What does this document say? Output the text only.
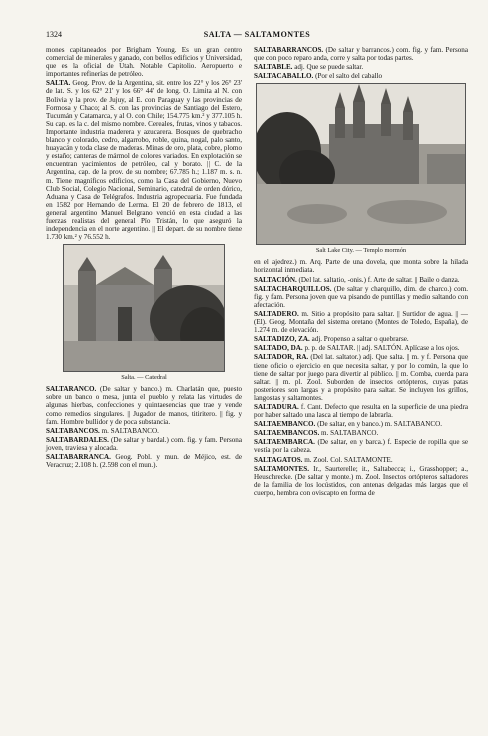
1324	SALTA — SALTAMONTES

mones capitaneados por Brigham Young. Es un gran centro comercial de minerales y ganado, con bellos edificios y Universidad, que es la oficial de Utah. Notable Capitolio. Aeropuerto e importantes refinerías de petróleo.

SALTA. Geog. Prov. de la Argentina, sit. entre los 22° y los 26° 23' de lat. S. y los 62° 21' y los 66° 44' de long. O. Limita al N. con Bolivia y la prov. de Jujuy, al E. con Paraguay y las provincias de Formosa y Chaco; al S. con las provincias de Santiago del Estero, Tucumán y Catamarca, y al O. con Chile; 154.775 km.² y 377.105 h. Su cap. es la c. del mismo nombre. Cereales, frutas, vinos y tabacos. Importante industria maderera y azucarera. Bosques de quebracho blanco y colorado, cedro, algarrobo, roble, quina, nogal, palo santo, huayacán y toda clase de maderas. Minas de oro, plata, cobre, plomo y estaño; canteras de mármol de colores variados. En explotación se encuentran yacimientos de petróleo, cal y borato. || C. de la Argentina, cap. de la prov. de su nombre; 67.785 h.; 1.187 m. s. n. m. Tiene magníficos edificios, como la Casa del Gobierno, Nuevo Club Social, Colegio Nacional, Seminario, catedral de orden dórico, Aduana y Casa de Telégrafos. Industria agropecuaria. Fue fundada en 1582 por Hernando de Lerma. El 20 de febrero de 1813, el general argentino Manuel Belgrano venció en esta ciudad a las fuerzas realistas del general Pío Tristán, lo que aseguró la independencia en el norte argentino. || El depart. de su nombre tiene 1.730 km.² y 76.552 h.

Salta. — Catedral

SALTARANCO. (De saltar y banco.) m. Charlatán que, puesto sobre un banco o mesa, junta el pueblo y relata las virtudes de algunas hierbas, confecciones y quintaesencias que trae y vende como remedios singulares. || Jugador de manos, titiritero. || fig. y fam. Hombre bullidor y de poca substancia.

SALTABANCOS. m. SALTABANCO.

SALTABARDALES. (De saltar y bardal.) com. fig. y fam. Persona joven, traviesa y alocada.

SALTABARRANCA. Geog. Pobl. y mun. de Méjico, est. de Veracruz; 2.108 h. (2.598 con el mun.).

SALTABARRANCOS. (De saltar y barrancos.) com. fig. y fam. Persona que con poco reparo anda, corre y salta por todas partes.

SALTABLE. adj. Que se puede saltar.

SALTACABALLO. (Por el salto del caballo

Salt Lake City. — Templo mormón

en el ajedrez.) m. Arq. Parte de una dovela, que monta sobre la hilada horizontal inmediata.

SALTACIÓN. (Del lat. saltatio, -onis.) f. Arte de saltar. || Baile o danza.

SALTACHARQUILLOS. (De saltar y charquillo, dim. de charco.) com. fig. y fam. Persona joven que va pisando de puntillas y medio saltando con afectación.

SALTADERO. m. Sitio a propósito para saltar. || Surtidor de agua. || — (El). Geog. Montaña del sistema oretano (Montes de Toledo, España), de 1.274 m. de elevación.

SALTADIZO, ZA. adj. Propenso a saltar o quebrarse.

SALTADO, DA. p. p. de SALTAR. || adj. SALTÓN. Aplícase a los ojos.

SALTADOR, RA. (Del lat. saltator.) adj. Que salta. || m. y f. Persona que tiene oficio o ejercicio en que necesita saltar, y por lo común, la que lo tiene de saltar por juego para divertir al público. || m. Comba, cuerda para saltar. || m. pl. Zool. Suborden de insectos ortópteros, cuyas patas posteriores son largas y a propósito para saltar. Se incluyen los grillos, langostas y saltamontes.

SALTADURA. f. Cant. Defecto que resulta en la superficie de una piedra por haber saltado una lasca al tiempo de labrarla.

SALTAEMBANCO. (De saltar, en y banco.) m. SALTABANCO.

SALTAEMBANCOS. m. SALTABANCO.

SALTAEMBARCA. (De saltar, en y barca.) f. Especie de ropilla que se vestía por la cabeza.

SALTAGATOS. m. Zool. Col. SALTAMONTE.

SALTAMONTES. Ir., Saurterelle; it., Saltabecca; i., Grasshopper; a., Heuschrecke. (De saltar y monte.) m. Zool. Insectos ortópteros saltadores de la familia de los locústidos, con antenas delgadas más largas que el cuerpo, hembra con oviscapto en forma de
